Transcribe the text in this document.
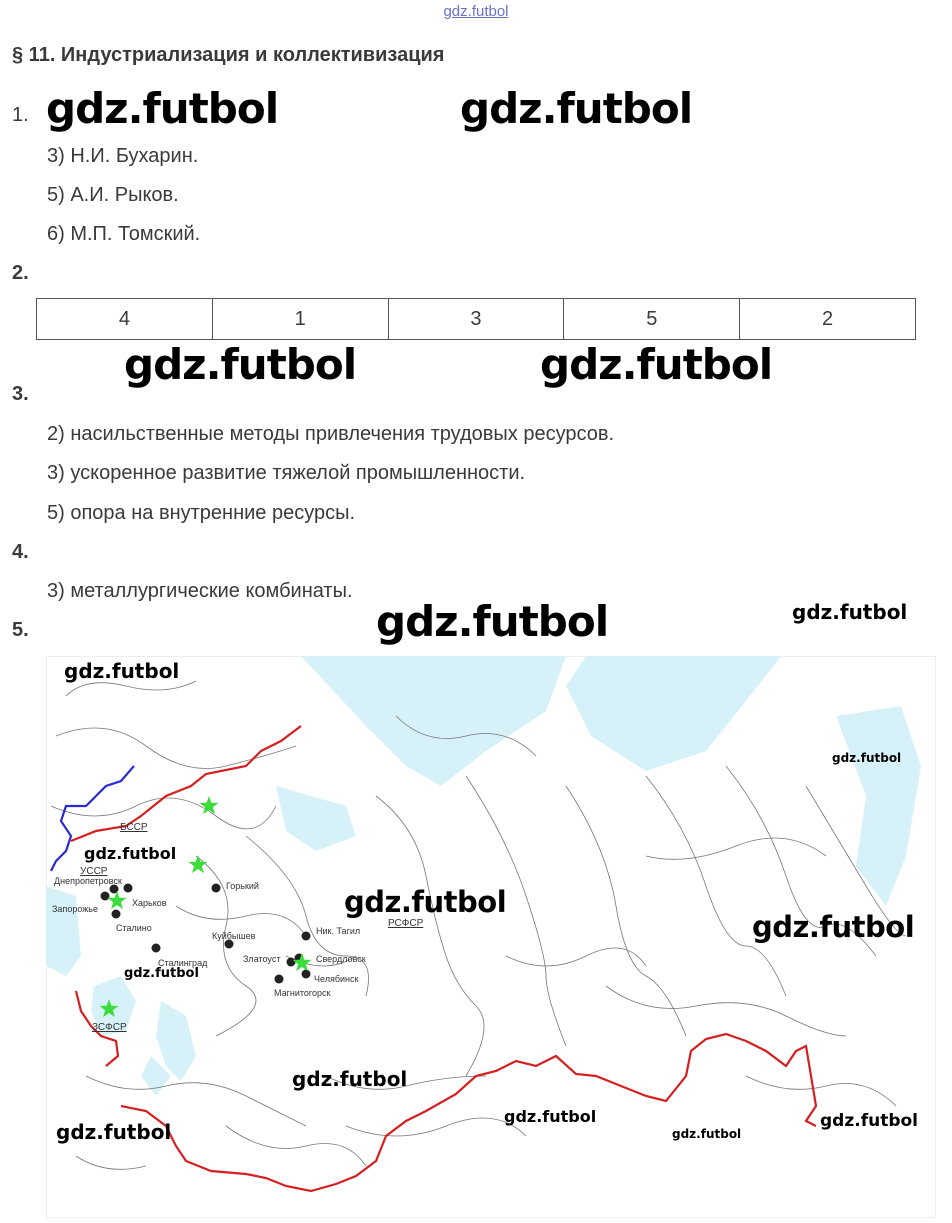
gdz.futbol
§ 11. Индустриализация и коллективизация
1. gdz.futbol	gdz.futbol
3) Н.И. Бухарин.
5) А.И. Рыков.
6) М.П. Томский.
2.
4	1	3	5	2
gdz.futbol	gdz.futbol
3.
2) насильственные методы привлечения трудовых ресурсов.
3) ускоренное развитие тяжелой промышленности.
5) опора на внутренние ресурсы.
4.
3) металлургические комбинаты.
5.	gdz.futbol	gdz.futbol
БССР
УССР
РСФСР
ЗСФСР
Днепропетровск
Харьков
Запорожье
Сталино
Горький
Куйбышев
Сталинград
Ник. Тагил
Свердловск
Златоуст
Челябинск
Магнитогорск
gdz.futbol
gdz.futbol
gdz.futbol
gdz.futbol
gdz.futbol
gdz.futbol
gdz.futbol
gdz.futbol
gdz.futbol	gdz.futbol
gdz.futbol
